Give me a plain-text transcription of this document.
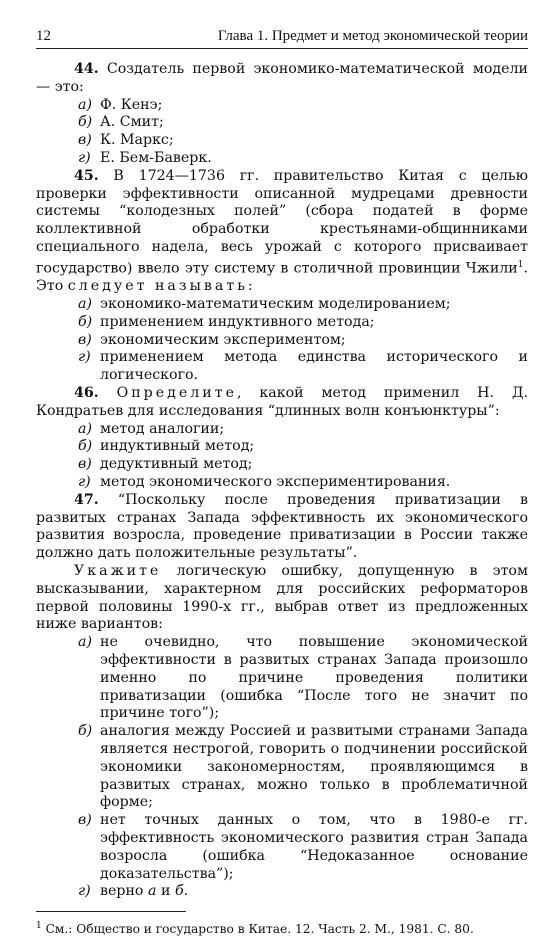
12	Глава 1. Предмет и метод экономической теории

44. Создатель первой экономико-математической модели — это:

а) Ф. Кенэ;
б) А. Смит;
в) К. Маркс;
г) Е. Бем-Баверк.

45. В 1724—1736 гг. правительство Китая с целью проверки эффективности описанной мудрецами древности системы “колодезных полей” (сбора податей в форме коллективной обработки крестьянами-общинниками специального надела, весь урожай с которого присваивает государство) ввело эту систему в столичной провинции Чжили$^1$. Это следует называть:

а) экономико-математическим моделированием;
б) применением индуктивного метода;
в) экономическим экспериментом;
г) применением метода единства исторического и логического.

46. Определите, какой метод применил Н. Д. Кондратьев для исследования “длинных волн конъюнктуры”:

а) метод аналогии;
б) индуктивный метод;
в) дедуктивный метод;
г) метод экономического экспериментирования.

47. “Поскольку после проведения приватизации в развитых странах Запада эффективность их экономического развития возросла, проведение приватизации в России также должно дать положительные результаты”.

Укажите логическую ошибку, допущенную в этом высказывании, характерном для российских реформаторов первой половины 1990-х гг., выбрав ответ из предложенных ниже вариантов:

а) не очевидно, что повышение экономической эффективности в развитых странах Запада произошло именно по причине проведения политики приватизации (ошибка “После того не значит по причине того”);
б) аналогия между Россией и развитыми странами Запада является нестрогой, говорить о подчинении российской экономики закономерностям, проявляющимся в развитых странах, можно только в проблематичной форме;
в) нет точных данных о том, что в 1980-е гг. эффективность экономического развития стран Запада возросла (ошибка “Недоказанное основание доказательства”);
г) верно а и б.
$^1$ См.: Общество и государство в Китае. 12. Часть 2. М., 1981. С. 80.
